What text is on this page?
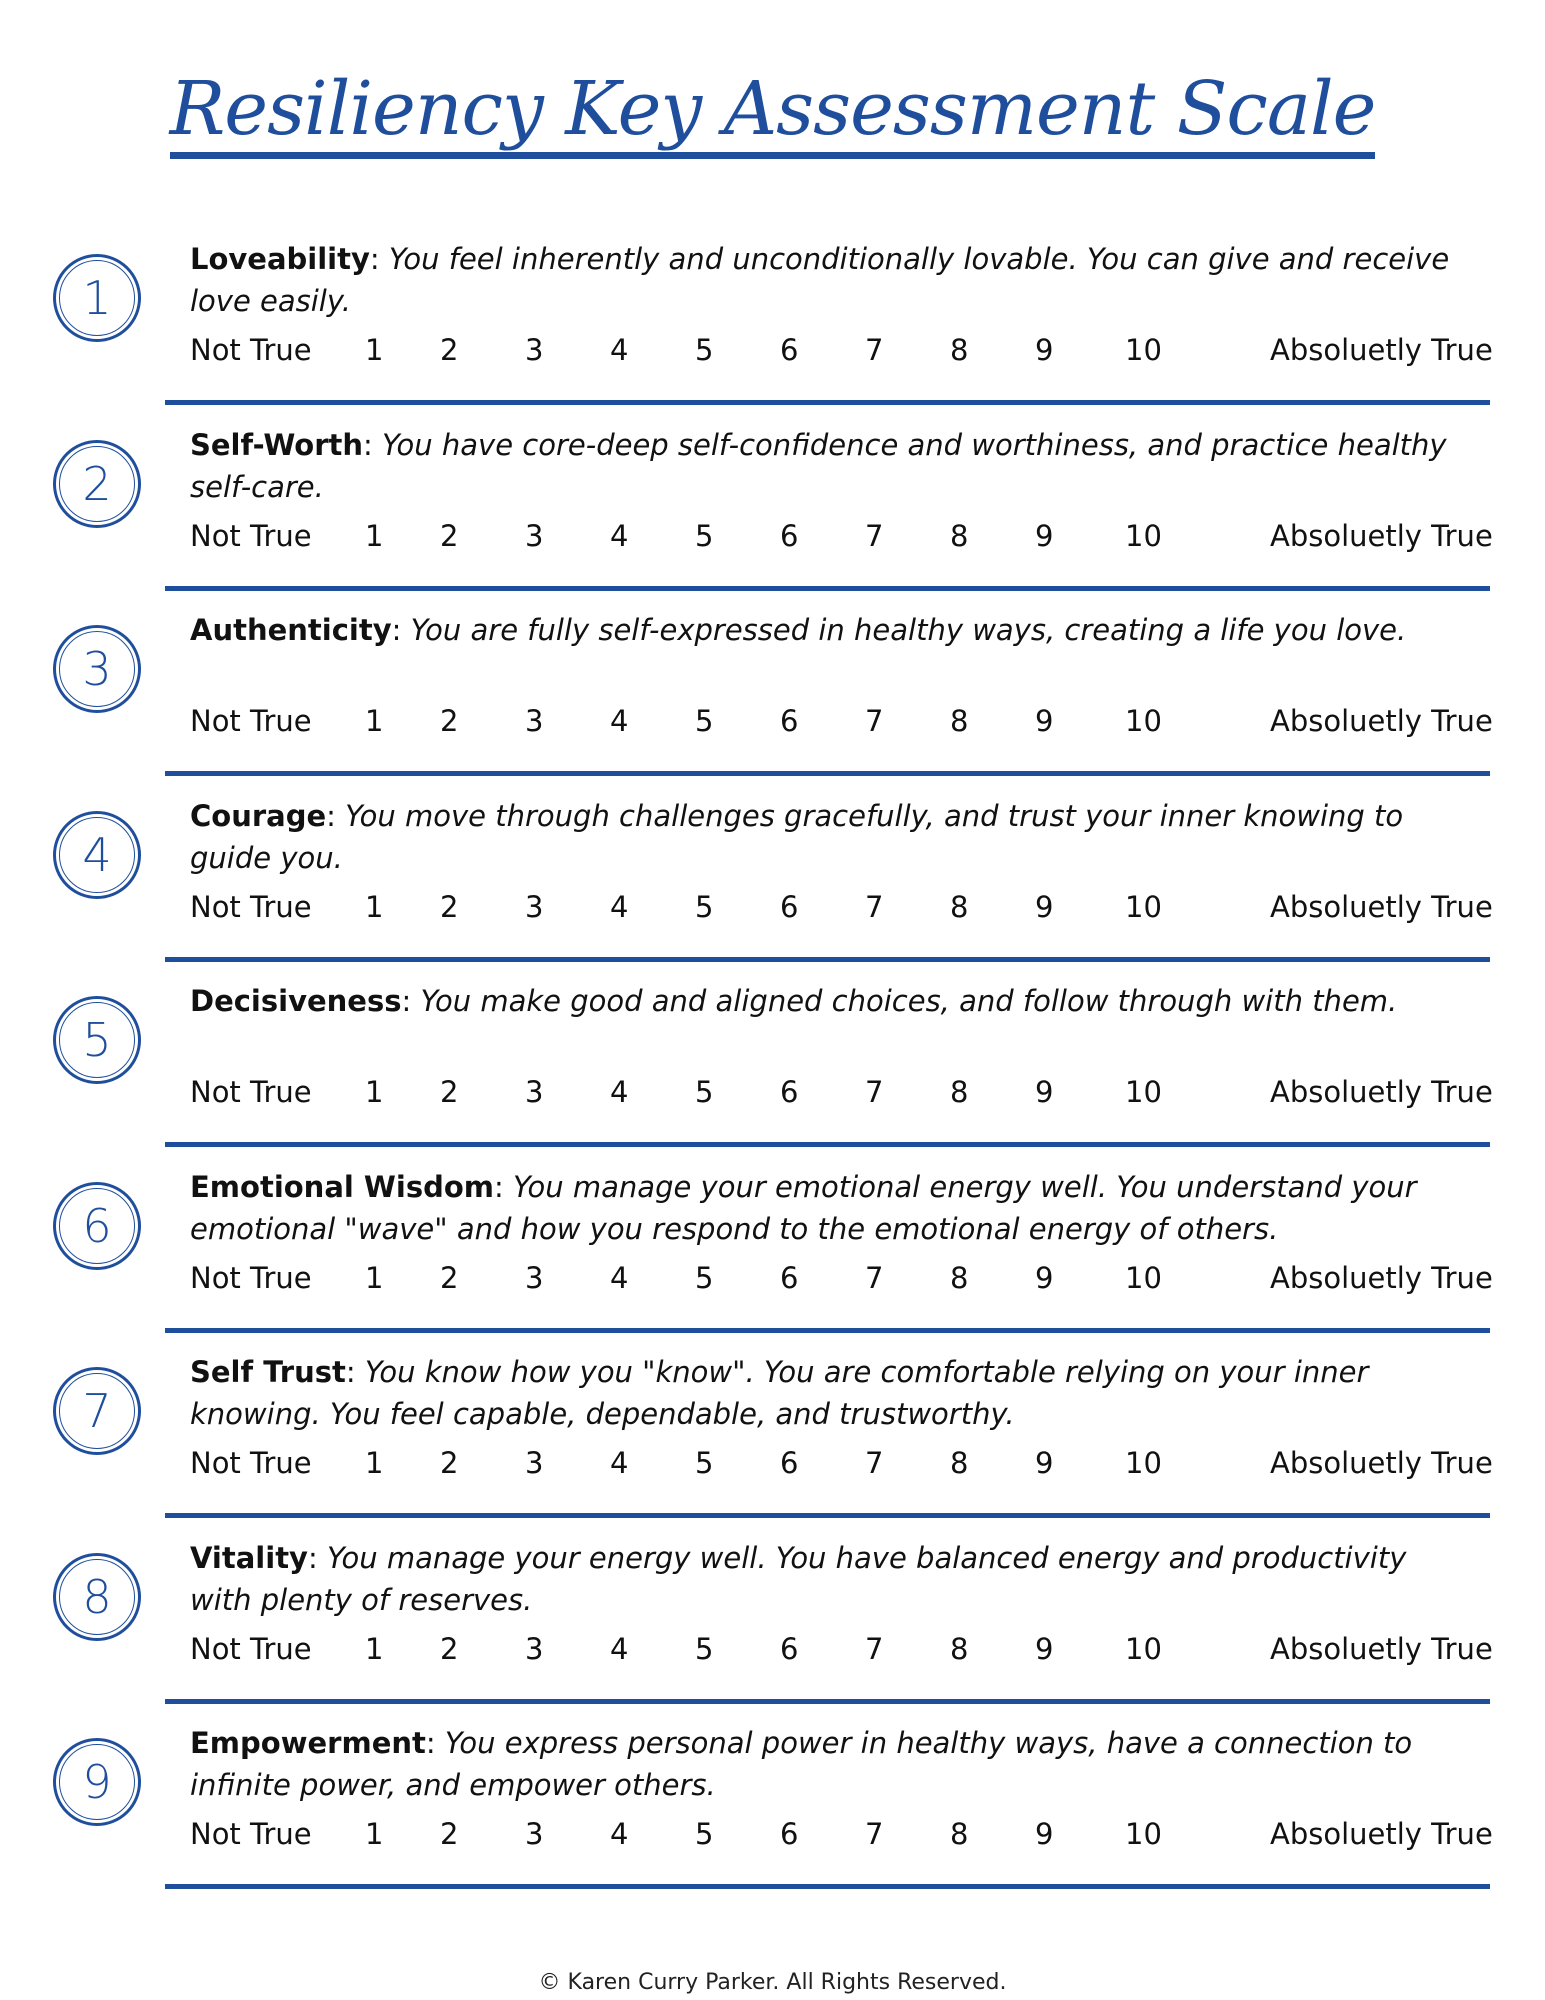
Resiliency Key Assessment Scale
1
Loveability: You feel inherently and unconditionally lovable. You can give and receive love easily.
Not True 1 2 3 4 5 6 7 8 9 10	Absoluetly True
2
Self-Worth: You have core-deep self-confidence and worthiness, and practice healthy self-care.
Not True 1 2 3 4 5 6 7 8 9 10	Absoluetly True
3
Authenticity: You are fully self-expressed in healthy ways, creating a life you love.
Not True 1 2 3 4 5 6 7 8 9 10	Absoluetly True
4
Courage: You move through challenges gracefully, and trust your inner knowing to guide you.
Not True 1 2 3 4 5 6 7 8 9 10	Absoluetly True
5
Decisiveness: You make good and aligned choices, and follow through with them.
Not True 1 2 3 4 5 6 7 8 9 10	Absoluetly True
6
Emotional Wisdom: You manage your emotional energy well. You understand your emotional "wave" and how you respond to the emotional energy of others.
Not True 1 2 3 4 5 6 7 8 9 10	Absoluetly True
7
Self Trust: You know how you "know". You are comfortable relying on your inner knowing. You feel capable, dependable, and trustworthy.
Not True 1 2 3 4 5 6 7 8 9 10	Absoluetly True
8
Vitality: You manage your energy well. You have balanced energy and productivity with plenty of reserves.
Not True 1 2 3 4 5 6 7 8 9 10	Absoluetly True
9
Empowerment: You express personal power in healthy ways, have a connection to infinite power, and empower others.
Not True 1 2 3 4 5 6 7 8 9 10	Absoluetly True
© Karen Curry Parker. All Rights Reserved.
